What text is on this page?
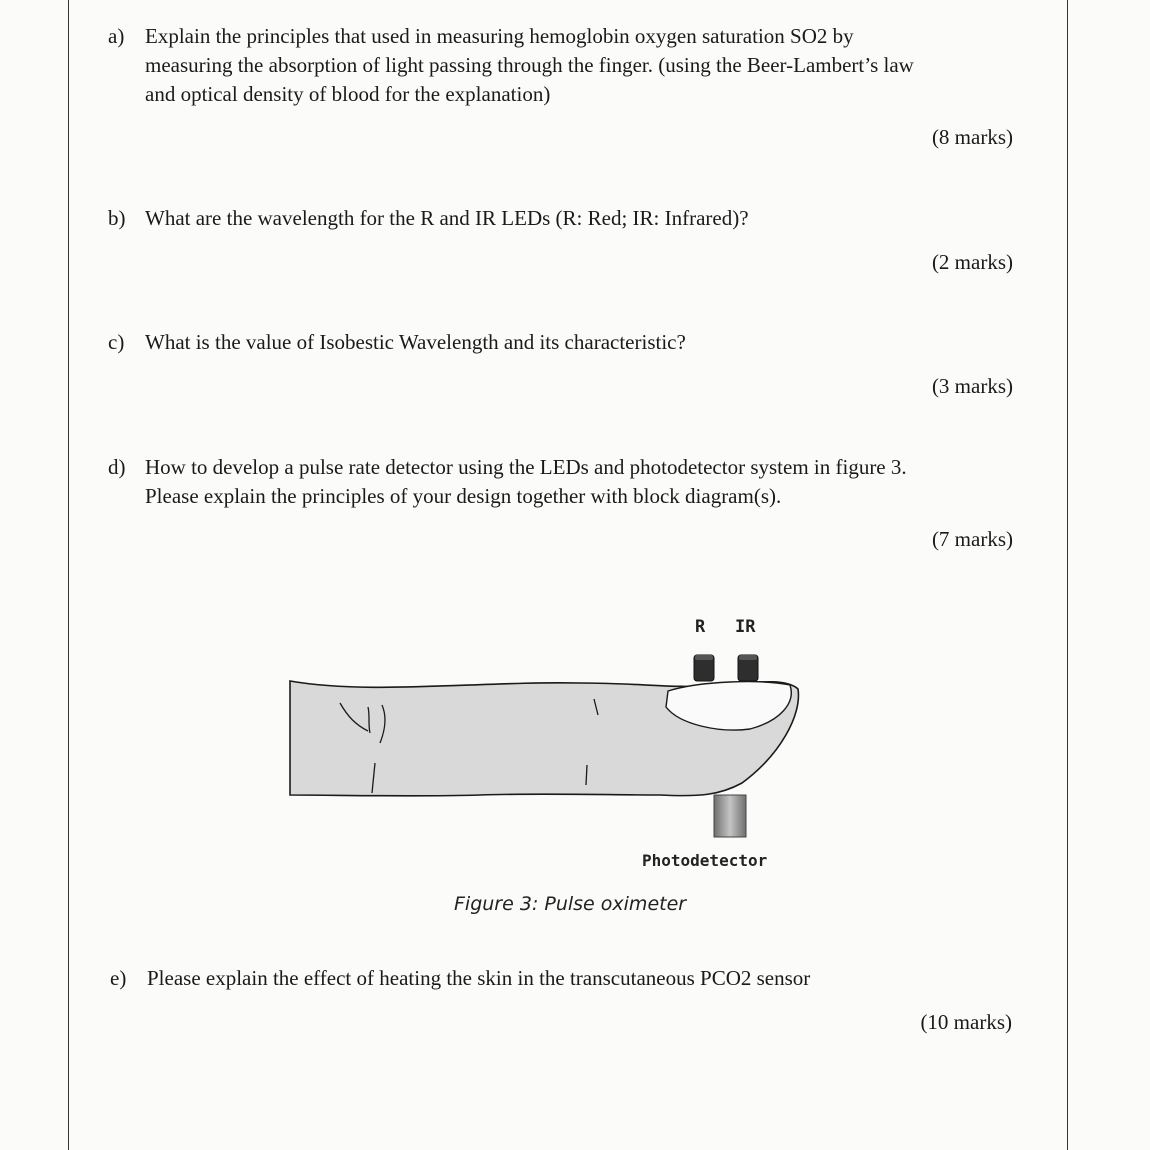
a) Explain the principles that used in measuring hemoglobin oxygen saturation SO2 by
measuring the absorption of light passing through the finger. (using the Beer-Lambert’s law
and optical density of blood for the explanation)
(8 marks)
b) What are the wavelength for the R and IR LEDs (R: Red; IR: Infrared)?
(2 marks)
c) What is the value of Isobestic Wavelength and its characteristic?
(3 marks)
d) How to develop a pulse rate detector using the LEDs and photodetector system in figure 3.
Please explain the principles of your design together with block diagram(s).
(7 marks)
R IR
Photodetector
Figure 3: Pulse oximeter
e) Please explain the effect of heating the skin in the transcutaneous PCO2 sensor
(10 marks)
